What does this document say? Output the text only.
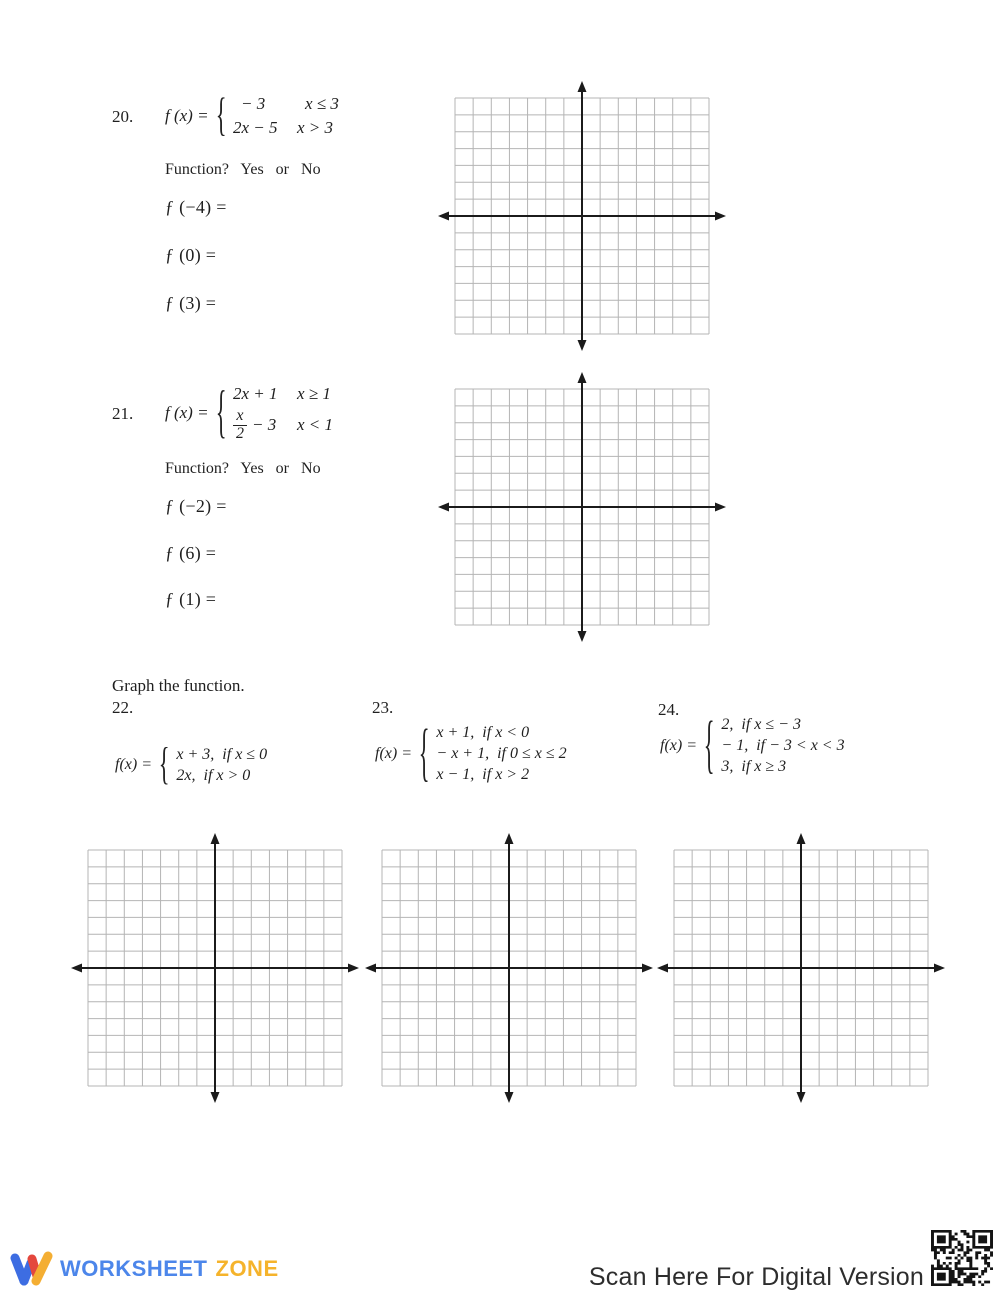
20. f (x) = { − 3	x ≤ 3
2x − 5	x > 3
Function?   Yes   or   No
ƒ (−4) =
ƒ (0) =
ƒ (3) =
21. f (x) = { 2x + 1	x ≥ 1
$\frac{x}{2} - 3$ x < 1
Function?   Yes   or   No
ƒ (−2) =
ƒ (6) =
ƒ (1) =
Graph the function.
22.
f(x) = { x + 3,  if x ≤ 0
2x,  if x > 0
23.
f(x) = { x + 1,  if x < 0
− x + 1,  if 0 ≤ x ≤ 2
x − 1,  if x > 2
24.
f(x) = { 2,  if x ≤ − 3
− 1,  if − 3 < x < 3
3,  if x ≥ 3
WORKSHEET ZONE	Scan Here For Digital Version
